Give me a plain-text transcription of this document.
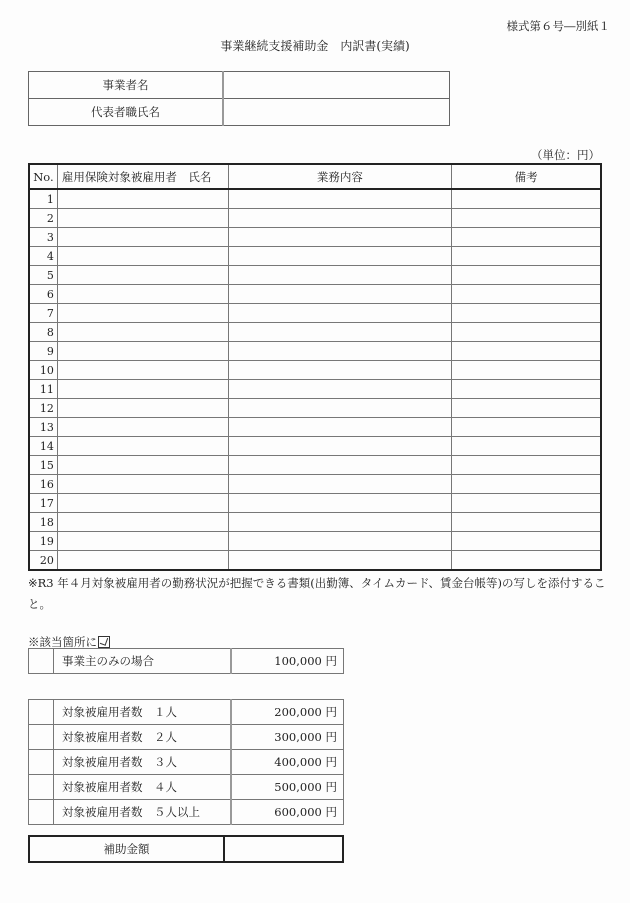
様式第６号―別紙１
事業継続支援補助金　内訳書(実績)
事業者名	
代表者職氏名	
（単位：円）
No.	雇用保険対象被雇用者　氏名	業務内容	備考
1			
2			
3			
4			
5			
6			
7			
8			
9			
10			
11			
12			
13			
14			
15			
16			
17			
18			
19			
20			
※R3 年４月対象被雇用者の勤務状況が把握できる書類(出勤簿、タイムカード、賃金台帳等)の写しを添付すること。
※該当箇所に
	事業主のみの場合	100,000 円
	対象被雇用者数　１人	200,000 円
	対象被雇用者数　２人	300,000 円
	対象被雇用者数　３人	400,000 円
	対象被雇用者数　４人	500,000 円
	対象被雇用者数　５人以上	600,000 円
補助金額	
